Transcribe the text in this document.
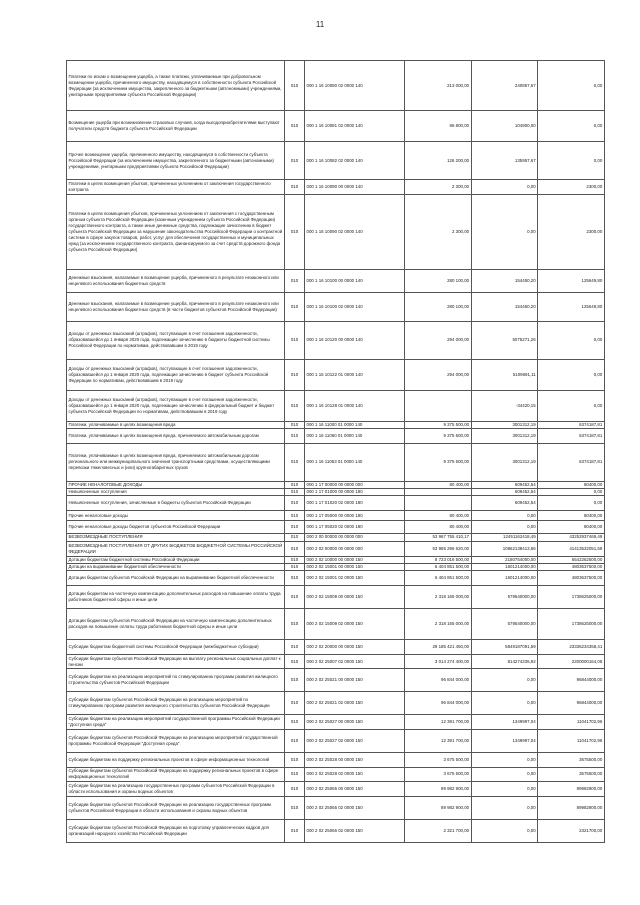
11
Платежи по искам о возмещении ущерба, а также платежи, уплачиваемые при добровольном возмещении ущерба, причиненного имуществу, находящемуся в собственности субъекта Российской Федерации (за исключением имущества, закрепленного за бюджетными (автономными) учреждениями, унитарными предприятиями субъекта Российской Федерации)	010	000 1 16 10080 02 0000 140	213 000,00	240857,67	0,00
Возмещение ущерба при возникновении страховых случаев, когда выгодоприобретателями выступают получатели средств бюджета субъекта Российской Федерации	010	000 1 16 10081 02 0000 140	86 800,00	104900,00	0,00
Прочее возмещение ущерба, причиненного имуществу, находящемуся в собственности субъекта Российской Федерации (за исключением имущества, закрепленного за бюджетными (автономными) учреждениями, унитарными предприятиями субъекта Российской Федерации)	010	000 1 16 10082 02 0000 140	126 200,00	135957,67	0,00
Платежи в целях возмещения убытков, причиненных уклонением от заключения государственного контракта	010	000 1 16 10090 00 0000 140	2 300,00	0,00	2300,00
Платежи в целях возмещения убытков, причиненных уклонением от заключения с государственным органом субъекта Российской Федерации (казенным учреждением субъекта Российской Федерации) государственного контракта, а также иные денежные средства, подлежащие зачислению в бюджет субъекта Российской Федерации за нарушение законодательства Российской Федерации о контрактной системе в сфере закупок товаров, работ, услуг для обеспечения государственных и муниципальных нужд (за исключением государственного контракта, финансируемого за счет средств дорожного фонда субъекта Российской Федерации)	010	000 1 16 10090 02 0000 140	2 300,00	0,00	2300,00
Денежные взыскания, налагаемые в возмещение ущерба, причиненного в результате незаконного или нецелевого использования бюджетных средств	010	000 1 16 10100 00 0000 140	280 100,00	154450,20	125649,80
Денежные взыскания, налагаемые в возмещение ущерба, причиненного в результате незаконного или нецелевого использования бюджетных средств (в части бюджетов субъектов Российской Федерации)	010	000 1 16 10100 02 0000 140	280 100,00	154450,20	125649,80
Доходы от денежных взысканий (штрафов), поступающие в счет погашения задолженности, образовавшейся до 1 января 2020 года, подлежащие зачислению в бюджеты бюджетной системы Российской Федерации по нормативам, действовавшим в 2019 году	010	000 1 16 10120 00 0000 140	294 000,00	5075271,26	0,00
Доходы от денежных взысканий (штрафов), поступающие в счет погашения задолженности, образовавшейся до 1 января 2020 года, подлежащие зачислению в бюджет субъекта Российской Федерации по нормативам, действовавшим в 2019 году	010	000 1 16 10122 01 0000 140	294 000,00	5109691,11	0,00
Доходы от денежных взысканий (штрафов), поступающие в счет погашения задолженности, образовавшейся до 1 января 2020 года, подлежащие зачислению в федеральный бюджет и бюджет субъекта Российской Федерации по нормативам, действовавшим в 2019 году	010	000 1 16 10128 01 0000 140		-34420,15	0,00
Платежи, уплачиваемые в целях возмещения вреда	010	000 1 16 11000 01 0000 140	9 375 500,00	3001312,19	6374187,81
Платежи, уплачиваемые в целях возмещения вреда, причиняемого автомобильным дорогам	010	000 1 16 11060 01 0000 140	9 375 500,00	3001312,19	6374187,81
Платежи, уплачиваемые в целях возмещения вреда, причиняемого автомобильным дорогам регионального или межмуниципального значения транспортными средствами, осуществляющими перевозки тяжеловесных и (или) крупногабаритных грузов	010	000 1 16 11063 01 0000 140	9 375 500,00	3001312,19	6374187,81
ПРОЧИЕ НЕНАЛОГОВЫЕ ДОХОДЫ	010	000 1 17 00000 00 0000 000	80 400,00	609452,54	80400,00
Невыясненные поступления	010	000 1 17 01000 00 0000 180		609452,54	0,00
Невыясненные поступления, зачисляемые в бюджеты субъектов Российской Федерации	010	000 1 17 01020 02 0000 180		609452,54	0,00
Прочие неналоговые доходы	010	000 1 17 05000 00 0000 180	80 400,00	0,00	80400,00
Прочие неналоговые доходы бюджетов субъектов Российской Федерации	010	000 1 17 05020 02 0000 180	80 400,00	0,00	80400,00
БЕЗВОЗМЕЗДНЫЕ ПОСТУПЛЕНИЯ	010	000 2 00 00000 00 0000 000	53 967 755 410,17	12451162418,49	43252937469,49
БЕЗВОЗМЕЗДНЫЕ ПОСТУПЛЕНИЯ ОТ ДРУГИХ БЮДЖЕТОВ БЮДЖЕТНОЙ СИСТЕМЫ РОССИЙСКОЙ ФЕДЕРАЦИИ	010	000 2 02 00000 00 0000 000	53 965 296 620,00	10862138413,86	41413532051,59
Дотации бюджетам бюджетной системы Российской Федерации	010	000 2 02 10000 00 0000 150	8 723 016 500,00	2180754000,00	6542262500,00
Дотации на выравнивание бюджетной обеспеченности	010	000 2 02 15001 00 0000 150	6 404 851 500,00	1601214000,00	4803637500,00
Дотации бюджетам субъектов Российской Федерации на выравнивание бюджетной обеспеченности	010	000 2 02 15001 02 0000 150	6 404 851 500,00	1601214000,00	4803637500,00
Дотации бюджетам на частичную компенсацию дополнительных расходов на повышение оплаты труда работников бюджетной сферы и иные цели	010	000 2 02 15009 00 0000 150	2 318 165 000,00	579540000,00	1738625000,00
Дотации бюджетам субъектов Российской Федерации на частичную компенсацию дополнительных расходов на повышение оплаты труда работников бюджетной сферы и иные цели	010	000 2 02 15009 02 0000 150	2 318 165 000,00	579540000,00	1738625000,00
Субсидии бюджетам бюджетной системы Российской Федерации (межбюджетные субсидии)	010	000 2 02 20000 00 0000 150	29 185 421 450,00	5849187091,59	23336234358,41
Субсидии бюджетам субъектов Российской Федерации на выплату региональных социальных доплат к пенсии	010	000 2 02 25007 02 0000 150	3 014 274 400,00	814274235,92	2200000164,08
Субсидии бюджетам на реализацию мероприятий по стимулированию программ развития жилищного строительства субъектов Российской Федерации	010	000 2 02 25021 00 0000 150	96 844 000,00	0,00	96844000,00
Субсидии бюджетам субъектов Российской Федерации на реализацию мероприятий по стимулированию программ развития жилищного строительства субъектов Российской Федерации	010	000 2 02 25021 02 0000 150	96 844 000,00	0,00	96844000,00
Субсидии бюджетам на реализацию мероприятий государственной программы Российской Федерации "Доступная среда"	010	000 2 02 25027 00 0000 150	12 391 700,00	1349997,04	11041702,96
Субсидии бюджетам субъектов Российской Федерации на реализацию мероприятий государственной программы Российской Федерации "Доступная среда"	010	000 2 02 25027 02 0000 150	12 391 700,00	1349997,04	11041702,96
Субсидии бюджетам на поддержку региональных проектов в сфере информационных технологий	010	000 2 02 25028 00 0000 150	3 675 500,00	0,00	3675500,00
Субсидии бюджетам субъектов Российской Федерации на поддержку региональных проектов в сфере информационных технологий	010	000 2 02 25028 02 0000 150	3 675 500,00	0,00	3675500,00
Субсидии бюджетам на реализацию государственных программ субъектов Российской Федерации в области использования и охраны водных объектов	010	000 2 02 25065 00 0000 150	89 982 900,00	0,00	89982900,00
Субсидии бюджетам субъектов Российской Федерации на реализацию государственных программ субъектов Российской Федерации в области использования и охраны водных объектов	010	000 2 02 25065 02 0000 150	89 982 900,00	0,00	89982900,00
Субсидии бюджетам субъектов Российской Федерации на подготовку управленческих кадров для организаций народного хозяйства Российской Федерации	010	000 2 02 25066 02 0000 150	2 321 700,00	0,00	2321700,00
